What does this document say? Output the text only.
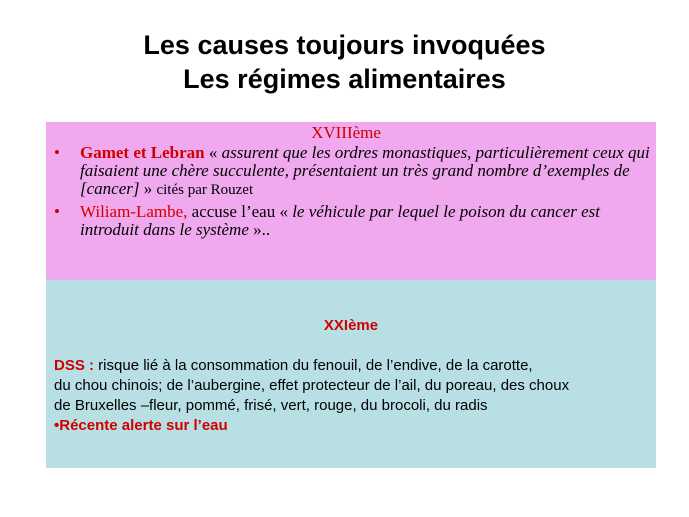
Les causes toujours invoquées
Les régimes alimentaires
XVIIIème
• Gamet et Lebran « assurent que les ordres monastiques, particulièrement ceux qui faisaient une chère succulente, présentaient un très grand nombre d’exemples de [cancer] » cités par Rouzet
• Wiliam-Lambe, accuse l’eau « le véhicule par lequel le poison du cancer est introduit dans le système »..
XXIème
DSS : risque lié à la consommation du fenouil, de l’endive, de la carotte,
du chou chinois; de l’aubergine, effet protecteur de l’ail, du poreau, des choux
de Bruxelles –fleur, pommé, frisé, vert, rouge, du brocoli, du radis
•Récente alerte sur l’eau
